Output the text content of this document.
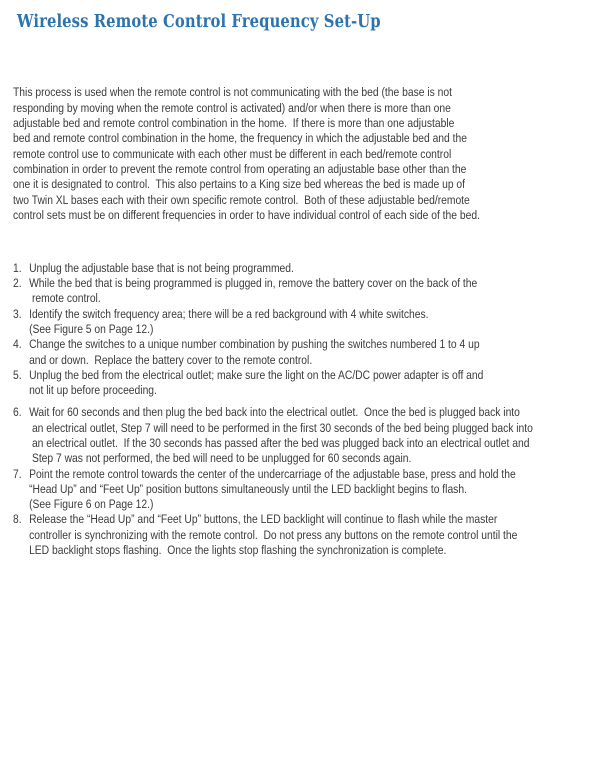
Wireless Remote Control Frequency Set-Up

This process is used when the remote control is not communicating with the bed (the base is not
responding by moving when the remote control is activated) and/or when there is more than one
adjustable bed and remote control combination in the home.  If there is more than one adjustable
bed and remote control combination in the home, the frequency in which the adjustable bed and the
remote control use to communicate with each other must be different in each bed/remote control
combination in order to prevent the remote control from operating an adjustable base other than the
one it is designated to control.  This also pertains to a King size bed whereas the bed is made up of
two Twin XL bases each with their own specific remote control.  Both of these adjustable bed/remote
control sets must be on different frequencies in order to have individual control of each side of the bed.

1. Unplug the adjustable base that is not being programmed.
2. While the bed that is being programmed is plugged in, remove the battery cover on the back of the
remote control.
3. Identify the switch frequency area; there will be a red background with 4 white switches.
(See Figure 5 on Page 12.)
4. Change the switches to a unique number combination by pushing the switches numbered 1 to 4 up
and or down.  Replace the battery cover to the remote control.
5. Unplug the bed from the electrical outlet; make sure the light on the AC/DC power adapter is off and
not lit up before proceeding.
6. Wait for 60 seconds and then plug the bed back into the electrical outlet.  Once the bed is plugged back into
an electrical outlet, Step 7 will need to be performed in the first 30 seconds of the bed being plugged back into
an electrical outlet.  If the 30 seconds has passed after the bed was plugged back into an electrical outlet and
Step 7 was not performed, the bed will need to be unplugged for 60 seconds again.
7. Point the remote control towards the center of the undercarriage of the adjustable base, press and hold the
“Head Up” and “Feet Up” position buttons simultaneously until the LED backlight begins to flash.
(See Figure 6 on Page 12.)
8. Release the “Head Up” and “Feet Up” buttons, the LED backlight will continue to flash while the master
controller is synchronizing with the remote control.  Do not press any buttons on the remote control until the
LED backlight stops flashing.  Once the lights stop flashing the synchronization is complete.
